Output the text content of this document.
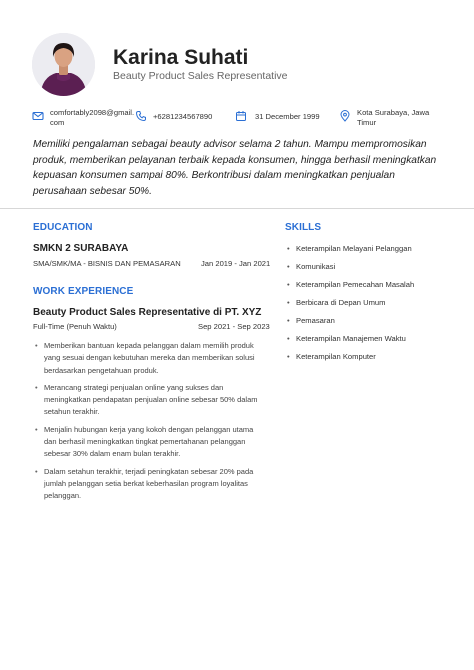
Karina Suhati
Beauty Product Sales Representative
comfortably2098@gmail.
com
+6281234567890	31 December 1999	Kota Surabaya, Jawa
Timur

Memiliki pengalaman sebagai beauty advisor selama 2 tahun. Mampu mempromosikan produk, memberikan pelayanan terbaik kepada konsumen, hingga berhasil meningkatkan kepuasan konsumen sampai 80%. Berkontribusi dalam meningkatkan penjualan perusahaan sebesar 50%.

EDUCATION
SMKN 2 SURABAYA
SMA/SMK/MA - BISNIS DAN PEMASARAN	Jan 2019 - Jan 2021
WORK EXPERIENCE
Beauty Product Sales Representative di PT. XYZ
Full-Time (Penuh Waktu)	Sep 2021 - Sep 2023
• Memberikan bantuan kepada pelanggan dalam memilih produk yang sesuai dengan kebutuhan mereka dan memberikan solusi berdasarkan pengetahuan produk.
• Merancang strategi penjualan online yang sukses dan meningkatkan pendapatan penjualan online sebesar 50% dalam setahun terakhir.
• Menjalin hubungan kerja yang kokoh dengan pelanggan utama dan berhasil meningkatkan tingkat pemertahanan pelanggan sebesar 30% dalam enam bulan terakhir.
• Dalam setahun terakhir, terjadi peningkatan sebesar 20% pada jumlah pelanggan setia berkat keberhasilan program loyalitas pelanggan.
SKILLS
• Keterampilan Melayani Pelanggan
• Komunikasi
• Keterampilan Pemecahan Masalah
• Berbicara di Depan Umum
• Pemasaran
• Keterampilan Manajemen Waktu
• Keterampilan Komputer
